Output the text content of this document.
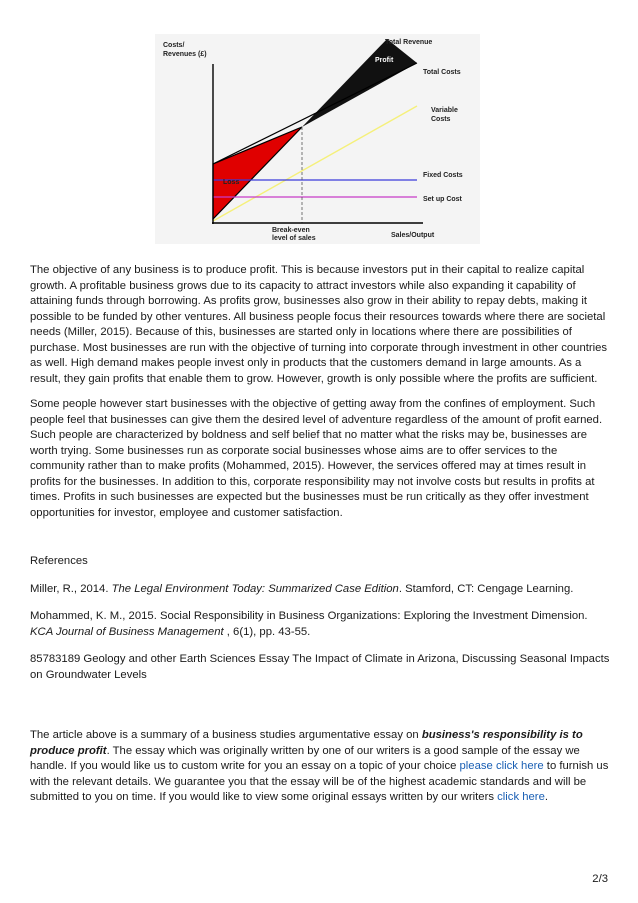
Costs/
Revenues (£)
Total Revenue
Profit
Total Costs
Variable
Costs
Fixed Costs
Set up Cost
Loss
Break-even
level of sales	Sales/Output

The objective of any business is to produce profit. This is because investors put in their capital to realize capital growth. A profitable business grows due to its capacity to attract investors while also expanding it capability of attaining funds through borrowing. As profits grow, businesses also grow in their ability to repay debts, making it possible to be funded by other ventures. All business people focus their resources towards where there are societal needs (Miller, 2015). Because of this, businesses are started only in locations where there are possibilities of purchase. Most businesses are run with the objective of turning into corporate through investment in other countries as well. High demand makes people invest only in products that the customers demand in large amounts. As a result, they gain profits that enable them to grow. However, growth is only possible where the profits are sufficient.

Some people however start businesses with the objective of getting away from the confines of employment. Such people feel that businesses can give them the desired level of adventure regardless of the amount of profit earned. Such people are characterized by boldness and self belief that no matter what the risks may be, businesses are worth trying. Some businesses run as corporate social businesses whose aims are to offer services to the community rather than to make profits (Mohammed, 2015). However, the services offered may at times result in profits for the businesses. In addition to this, corporate responsibility may not involve costs but results in profits at times. Profits in such businesses are expected but the businesses must be run critically as they offer investment opportunities for investor, employee and customer satisfaction.

References

Miller, R., 2014. The Legal Environment Today: Summarized Case Edition. Stamford, CT: Cengage Learning.

Mohammed, K. M., 2015. Social Responsibility in Business Organizations: Exploring the Investment Dimension.
KCA Journal of Business Management , 6(1), pp. 43-55.

85783189 Geology and other Earth Sciences Essay The Impact of Climate in Arizona, Discussing Seasonal Impacts on Groundwater Levels

The article above is a summary of a business studies argumentative essay on business's responsibility is to produce profit. The essay which was originally written by one of our writers is a good sample of the essay we handle. If you would like us to custom write for you an essay on a topic of your choice please click here to furnish us with the relevant details. We guarantee you that the essay will be of the highest academic standards and will be submitted to you on time. If you would like to view some original essays written by our writers click here.

2/3
